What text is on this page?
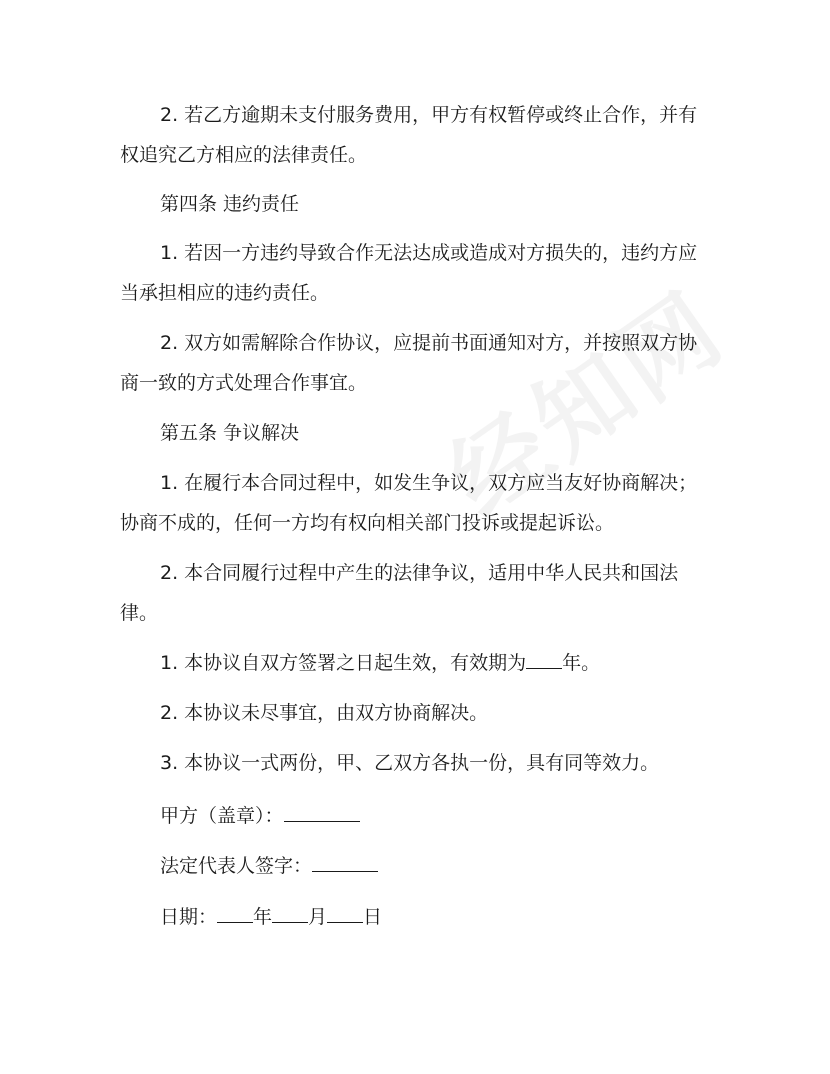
2. 若乙方逾期未支付服务费用，甲方有权暂停或终止合作，并有
权追究乙方相应的法律责任。
第四条 违约责任
1. 若因一方违约导致合作无法达成或造成对方损失的，违约方应
当承担相应的违约责任。
2. 双方如需解除合作协议，应提前书面通知对方，并按照双方协
商一致的方式处理合作事宜。
第五条 争议解决
1. 在履行本合同过程中，如发生争议，双方应当友好协商解决；
协商不成的，任何一方均有权向相关部门投诉或提起诉讼。
2. 本合同履行过程中产生的法律争议，适用中华人民共和国法
律。
1. 本协议自双方签署之日起生效，有效期为 年。
2. 本协议未尽事宜，由双方协商解决。
3. 本协议一式两份，甲、乙双方各执一份，具有同等效力。
甲方（盖章）：
法定代表人签字：
日期： 年 月 日
